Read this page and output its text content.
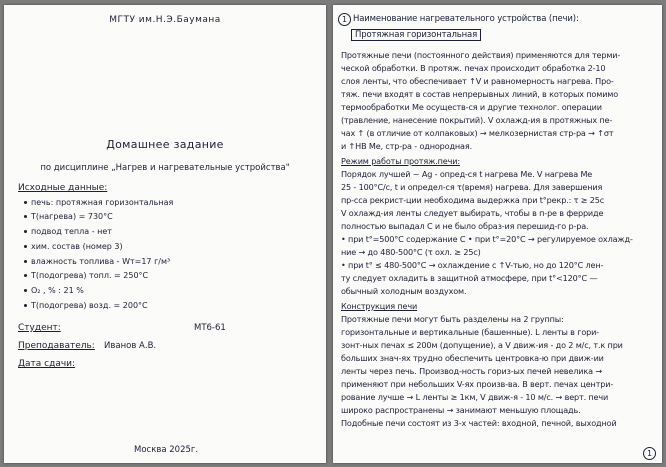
МГТУ им.Н.Э.Баумана
Домашнее задание
по дисциплине „Нагрев и нагревательные устройства"
Исходные данные:
печь: протяжная горизонтальная
T(нагрева) = 730°C
подвод тепла - нет
хим. состав (номер 3)
влажность топлива - Wт=17 г/м³
T(подогрева) топл. = 250°C
O₂ , % : 21 %
T(подогрева) возд. = 200°C
Студент:	МТ6-61
Преподаватель: Иванов А.В.
Дата сдачи:
Москва 2025г.
1 Наименование нагревательного устройства (печи):
Протяжная горизонтальная
Протяжные печи (постоянного действия) применяются для терми-
ческой обработки. В протяж. печах происходит обработка 2-10
слоя ленты, что обеспечивает ↑V и равномерность нагрева. Про-
тяж. печи входят в состав непрерывных линий, в которых помимо
термообработки Ме осуществ-ся и другие технолог. операции
(травление, нанесение покрытий). V охлажд-ия в протяжных пе-
чах ↑ (в отличие от колпаковых) → мелкозернистая стр-ра → ↑σт
и ↑НВ Ме, стр-ра - однородная.
Режим работы протяж.печи:
Порядок лучшей ~ Ag - опред-ся t нагрева Ме. V нагрева Ме
25 - 100°C/c, t и определ-ся τ(время) нагрева. Для завершения
пр-сса рекрист-ции необходима выдержка при t°рекр.: τ ≥ 25c
V охлажд-ия ленты следует выбирать, чтобы в п-ре в ферриде
полностью выпадал C и не было образ-ия перешид-го р-ра.
• при t°=500°C содержание C • при t°=20°C → регулируемое охлажд-
ние → до 480-500°C (τ охл. ≥ 25c)
• при t° ≤ 480-500°C → охлаждение с ↑V-тью, но до 120°C лен-
ту следует охладить в защитной атмосфере, при t°<120°C —
обычный холодным воздухом.
Конструкция печи
Протяжные печи могут быть разделены на 2 группы:
горизонтальные и вертикальные (башенные). L ленты в гори-
зонт-ных печах ≤ 200м (допущение), а V движ-ия - до 2 м/с, т.к при
больших знач-ях трудно обеспечить центровка-ю при движ-ии
ленты через печь. Производ-ность гориз-ых печей невелика →
применяют при небольших V-ях произв-ва. В верт. печах центри-
рование лучше → L ленты ≥ 1км, V движ-я - 10 м/с. → верт. печи
широко распространены → занимают меньшую площадь.
Подобные печи состоят из 3-х частей: входной, печной, выходной
1
